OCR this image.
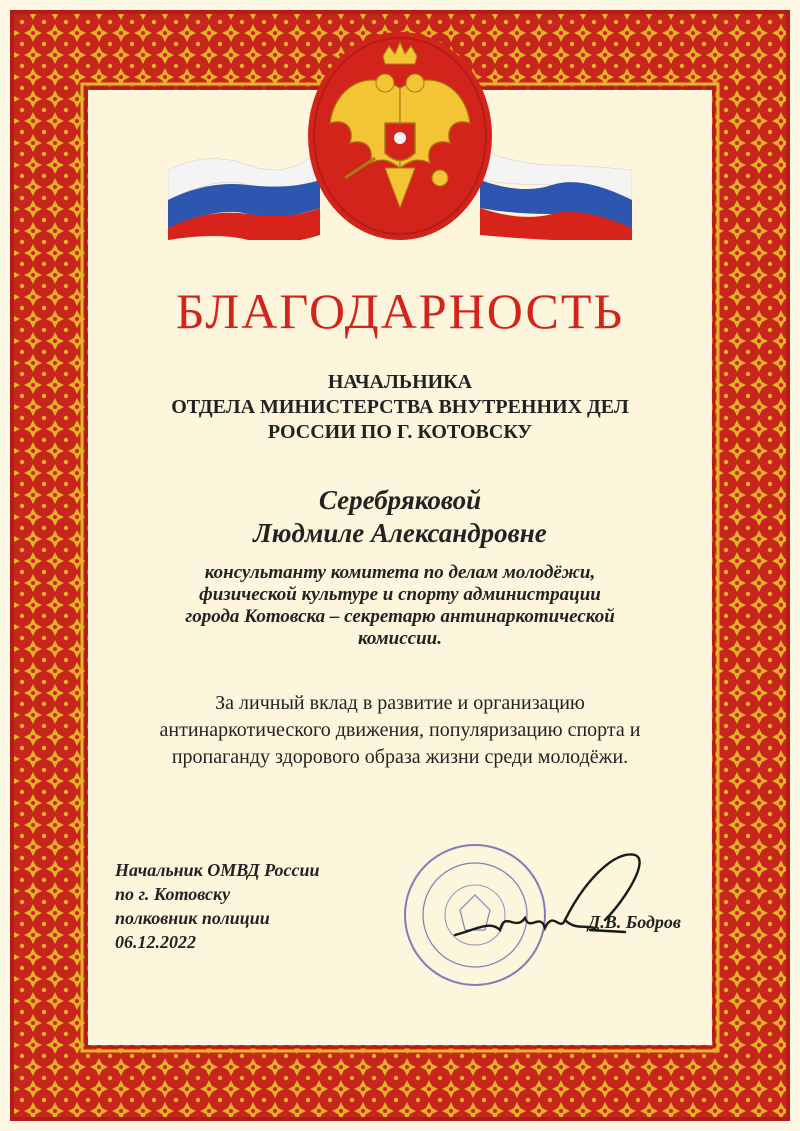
БЛАГОДАРНОСТЬ
НАЧАЛЬНИКА
ОТДЕЛА МИНИСТЕРСТВА ВНУТРЕННИХ ДЕЛ
РОССИИ ПО Г. КОТОВСКУ
Серебряковой
Людмиле Александровне
консультанту комитета по делам молодёжи,
физической культуре и спорту администрации
города Котовска – секретарю антинаркотической
комиссии.
За личный вклад в развитие и организацию
антинаркотического движения, популяризацию спорта и
пропаганду здорового образа жизни среди молодёжи.
Начальник ОМВД России
по г. Котовску
полковник полиции
06.12.2022
Д.В. Бодров
